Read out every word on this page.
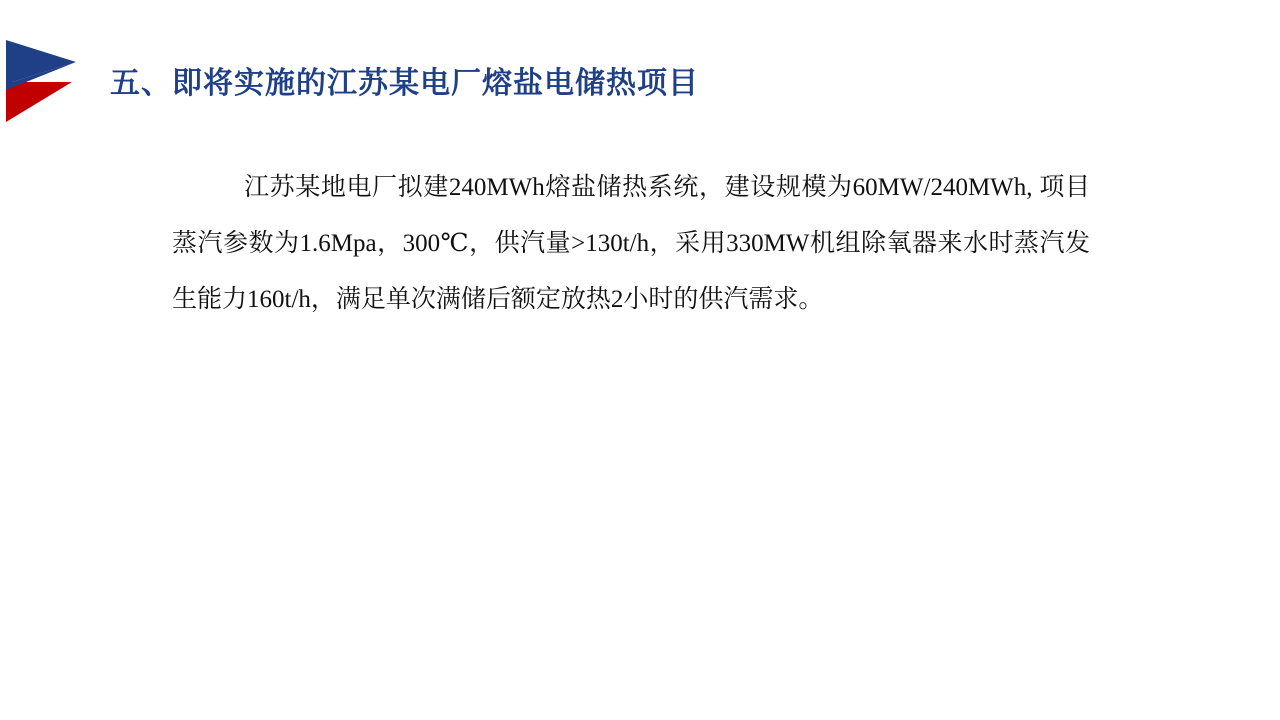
五、即将实施的江苏某电厂熔盐电储热项目

江苏某地电厂拟建240MWh熔盐储热系统，建设规模为60MW/240MWh, 项目蒸汽参数为1.6Mpa，300℃，供汽量>130t/h，采用330MW机组除氧器来水时蒸汽发生能力160t/h，满足单次满储后额定放热2小时的供汽需求。
